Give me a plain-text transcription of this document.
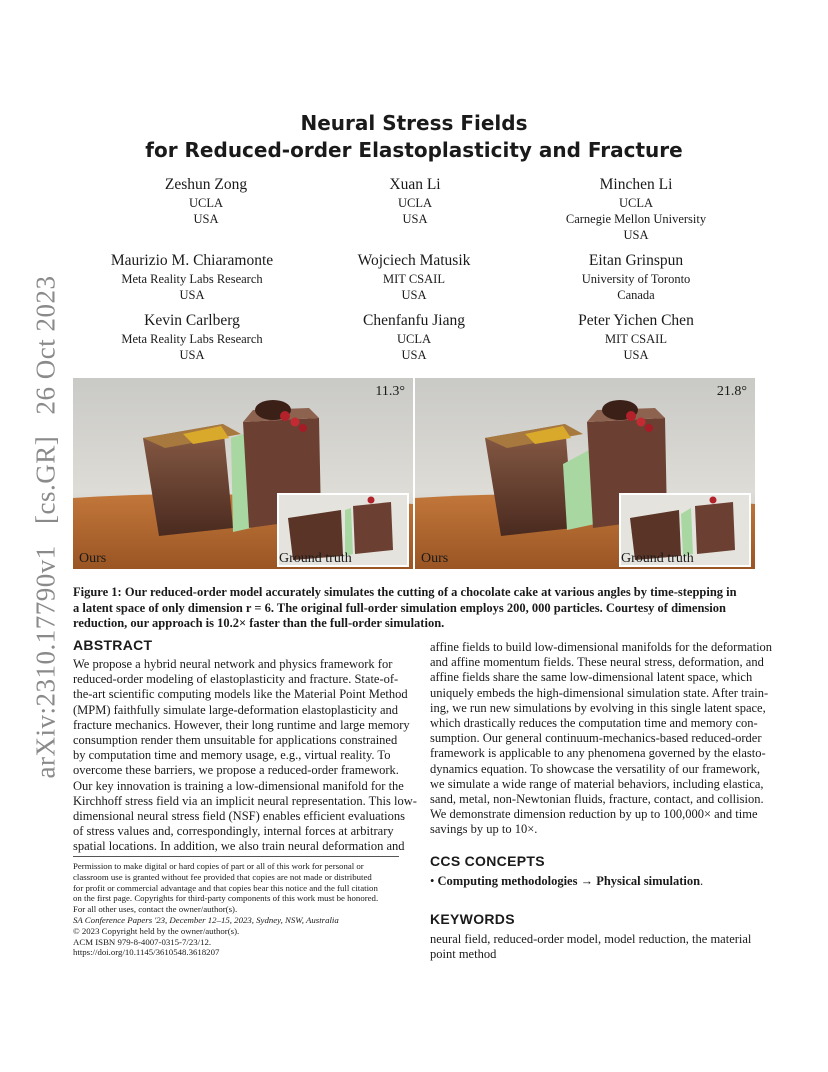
arXiv:2310.17790v1 [cs.GR] 26 Oct 2023
Neural Stress Fields
for Reduced-order Elastoplasticity and Fracture
Zeshun Zong
UCLA
USA
Xuan Li
UCLA
USA
Minchen Li
UCLA
Carnegie Mellon University
USA
Maurizio M. Chiaramonte
Meta Reality Labs Research
USA
Wojciech Matusik
MIT CSAIL
USA
Eitan Grinspun
University of Toronto
Canada
Kevin Carlberg
Meta Reality Labs Research
USA
Chenfanfu Jiang
UCLA
USA
Peter Yichen Chen
MIT CSAIL
USA
11.3°
Ours	Ground truth
21.8°
Ours	Ground truth
Figure 1: Our reduced-order model accurately simulates the cutting of a chocolate cake at various angles by time-stepping in
a latent space of only dimension r = 6. The original full-order simulation employs 200, 000 particles. Courtesy of dimension
reduction, our approach is 10.2× faster than the full-order simulation.
ABSTRACT
We propose a hybrid neural network and physics framework for
reduced-order modeling of elastoplasticity and fracture. State-of-
the-art scientific computing models like the Material Point Method
(MPM) faithfully simulate large-deformation elastoplasticity and
fracture mechanics. However, their long runtime and large memory
consumption render them unsuitable for applications constrained
by computation time and memory usage, e.g., virtual reality. To
overcome these barriers, we propose a reduced-order framework.
Our key innovation is training a low-dimensional manifold for the
Kirchhoff stress field via an implicit neural representation. This low-
dimensional neural stress field (NSF) enables efficient evaluations
of stress values and, correspondingly, internal forces at arbitrary
spatial locations. In addition, we also train neural deformation and
affine fields to build low-dimensional manifolds for the deformation
and affine momentum fields. These neural stress, deformation, and
affine fields share the same low-dimensional latent space, which
uniquely embeds the high-dimensional simulation state. After train-
ing, we run new simulations by evolving in this single latent space,
which drastically reduces the computation time and memory con-
sumption. Our general continuum-mechanics-based reduced-order
framework is applicable to any phenomena governed by the elasto-
dynamics equation. To showcase the versatility of our framework,
we simulate a wide range of material behaviors, including elastica,
sand, metal, non-Newtonian fluids, fracture, contact, and collision.
We demonstrate dimension reduction by up to 100,000× and time
savings by up to 10×.
Permission to make digital or hard copies of part or all of this work for personal or
classroom use is granted without fee provided that copies are not made or distributed
for profit or commercial advantage and that copies bear this notice and the full citation
on the first page. Copyrights for third-party components of this work must be honored.
For all other uses, contact the owner/author(s).
SA Conference Papers '23, December 12–15, 2023, Sydney, NSW, Australia
© 2023 Copyright held by the owner/author(s).
ACM ISBN 979-8-4007-0315-7/23/12.
https://doi.org/10.1145/3610548.3618207
CCS CONCEPTS
• Computing methodologies → Physical simulation.
KEYWORDS
neural field, reduced-order model, model reduction, the material
point method
